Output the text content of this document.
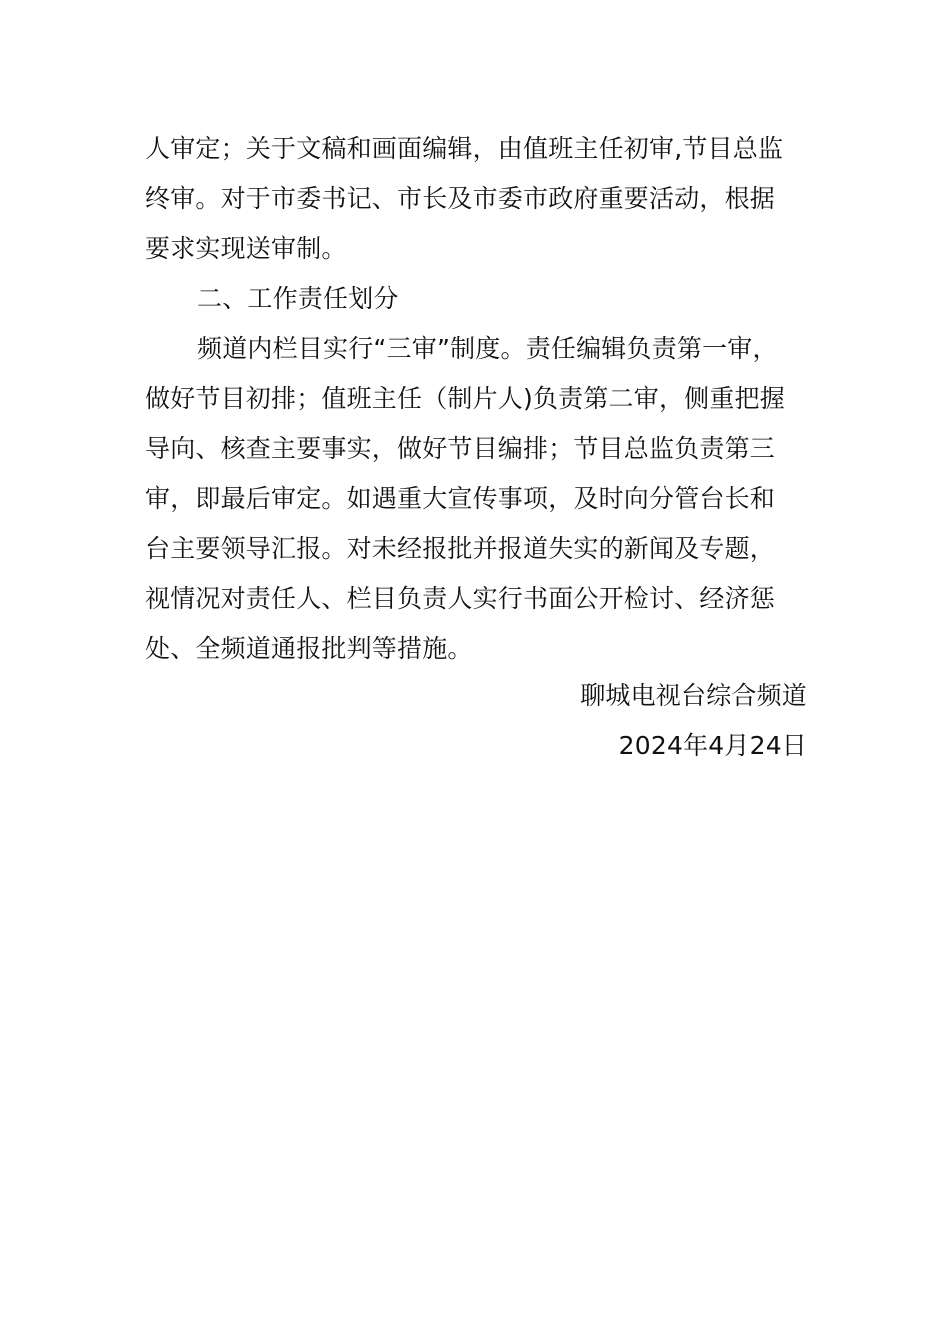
人审定；关于文稿和画面编辑，由值班主任初审,节目总监
终审。对于市委书记、市长及市委市政府重要活动，根据
要求实现送审制。
二、工作责任划分
频道内栏目实行“三审”制度。责任编辑负责第一审，
做好节目初排；值班主任（制片人)负责第二审，侧重把握
导向、核查主要事实，做好节目编排；节目总监负责第三
审，即最后审定。如遇重大宣传事项，及时向分管台长和
台主要领导汇报。对未经报批并报道失实的新闻及专题，
视情况对责任人、栏目负责人实行书面公开检讨、经济惩
处、全频道通报批判等措施。
聊城电视台综合频道
2024年4月24日
